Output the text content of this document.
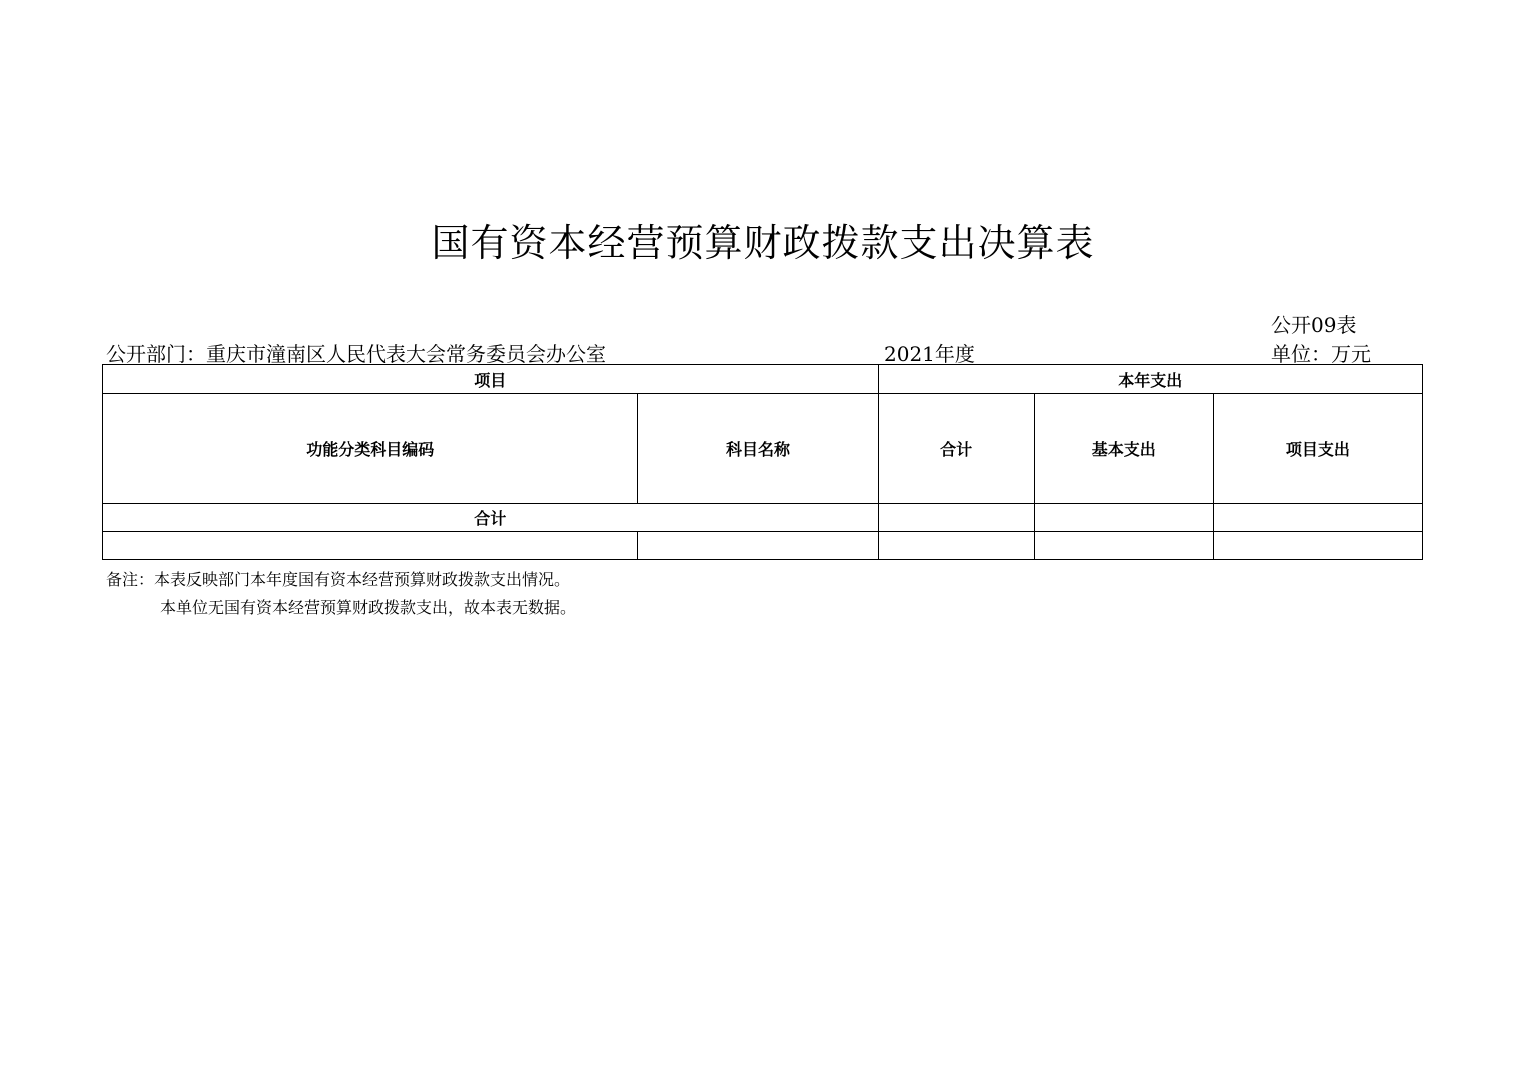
国有资本经营预算财政拨款支出决算表
公开09表
公开部门：重庆市潼南区人民代表大会常务委员会办公室	2021年度	单位：万元
项目		本年支出		
功能分类科目编码	科目名称	合计	基本支出	项目支出
合计				

备注：本表反映部门本年度国有资本经营预算财政拨款支出情况。
本单位无国有资本经营预算财政拨款支出，故本表无数据。
